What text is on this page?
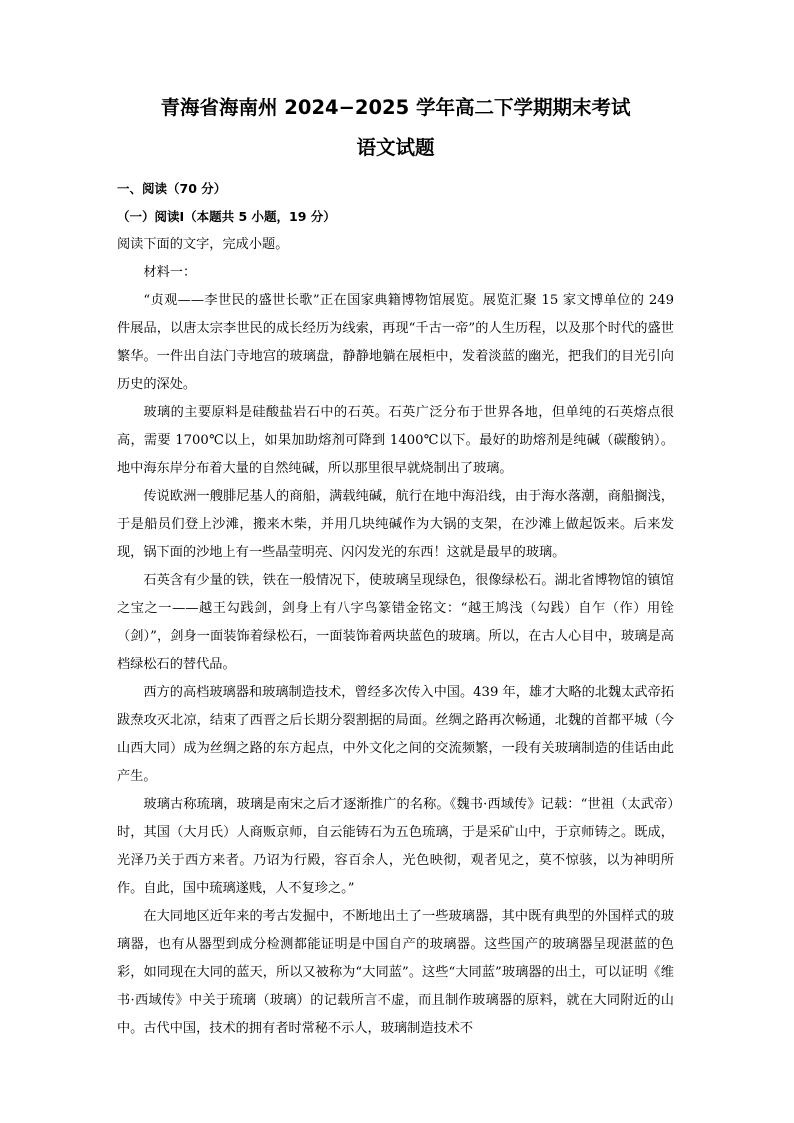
青海省海南州 2024−2025 学年高二下学期期末考试
语文试题

一、阅读（70 分）

（一）阅读Ⅰ（本题共 5 小题，19 分）

阅读下面的文字，完成小题。

材料一：

“贞观——李世民的盛世长歌”正在国家典籍博物馆展览。展览汇聚 15 家文博单位的 249 件展品，以唐太宗李世民的成长经历为线索，再现“千古一帝”的人生历程，以及那个时代的盛世繁华。一件出自法门寺地宫的玻璃盘，静静地躺在展柜中，发着淡蓝的幽光，把我们的目光引向历史的深处。

玻璃的主要原料是硅酸盐岩石中的石英。石英广泛分布于世界各地，但单纯的石英熔点很高，需要 1700℃以上，如果加助熔剂可降到 1400℃以下。最好的助熔剂是纯碱（碳酸钠）。地中海东岸分布着大量的自然纯碱，所以那里很早就烧制出了玻璃。

传说欧洲一艘腓尼基人的商船，满载纯碱，航行在地中海沿线，由于海水落潮，商船搁浅，于是船员们登上沙滩，搬来木柴，并用几块纯碱作为大锅的支架，在沙滩上做起饭来。后来发现，锅下面的沙地上有一些晶莹明亮、闪闪发光的东西！这就是最早的玻璃。

石英含有少量的铁，铁在一般情况下，使玻璃呈现绿色，很像绿松石。湖北省博物馆的镇馆之宝之一——越王勾践剑，剑身上有八字鸟篆错金铭文：“越王鸠浅（勾践）自乍（作）用铨（剑）”，剑身一面装饰着绿松石，一面装饰着两块蓝色的玻璃。所以，在古人心目中，玻璃是高档绿松石的替代品。

西方的高档玻璃器和玻璃制造技术，曾经多次传入中国。439 年，雄才大略的北魏太武帝拓跋焘攻灭北凉，结束了西晋之后长期分裂割据的局面。丝绸之路再次畅通，北魏的首都平城（今山西大同）成为丝绸之路的东方起点，中外文化之间的交流频繁，一段有关玻璃制造的佳话由此产生。

玻璃古称琉璃，玻璃是南宋之后才逐渐推广的名称。《魏书·西域传》记载：“世祖（太武帝）时，其国（大月氏）人商贩京师，自云能铸石为五色琉璃，于是采矿山中，于京师铸之。既成，光泽乃关于西方来者。乃诏为行殿，容百余人，光色映彻，观者见之，莫不惊骇，以为神明所作。自此，国中琉璃遂贱，人不复珍之。”

在大同地区近年来的考古发掘中，不断地出土了一些玻璃器，其中既有典型的外国样式的玻璃器，也有从器型到成分检测都能证明是中国自产的玻璃器。这些国产的玻璃器呈现湛蓝的色彩，如同现在大同的蓝天，所以又被称为“大同蓝”。这些“大同蓝”玻璃器的出土，可以证明《维书·西域传》中关于琉璃（玻璃）的记载所言不虚，而且制作玻璃器的原料，就在大同附近的山中。古代中国，技术的拥有者时常秘不示人，玻璃制造技术不
